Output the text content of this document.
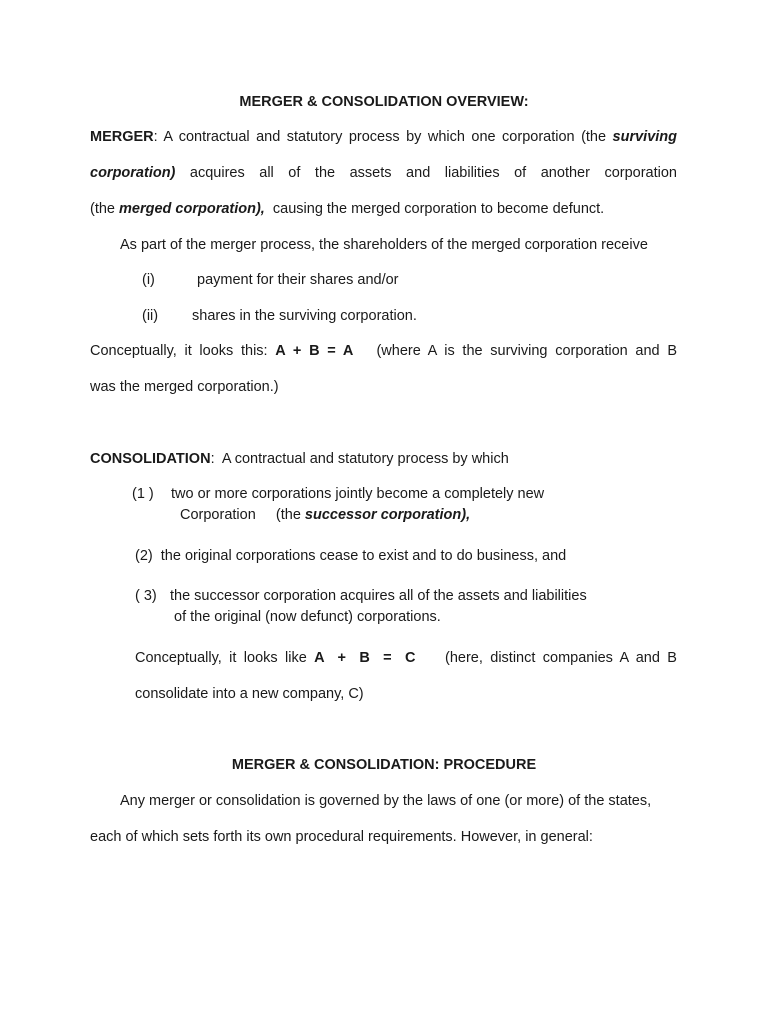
MERGER & CONSOLIDATION OVERVIEW:
MERGER: A contractual and statutory process by which one corporation (the surviving
corporation) acquires all of the assets and liabilities of another corporation
(the merged corporation),  causing the merged corporation to become defunct.
As part of the merger process, the shareholders of the merged corporation receive
(i)	payment for their shares and/or
(ii) shares in the surviving corporation.
Conceptually, it looks this: A + B = A   (where A is the surviving corporation and B
was the merged corporation.)
CONSOLIDATION:  A contractual and statutory process by which
(1 ) two or more corporations jointly become a completely new
Corporation     (the successor corporation),
(2)  the original corporations cease to exist and to do business, and
( 3) the successor corporation acquires all of the assets and liabilities
of the original (now defunct) corporations.
Conceptually, it looks like A + B = C    (here, distinct companies A and B
consolidate into a new company, C)
MERGER & CONSOLIDATION: PROCEDURE
Any merger or consolidation is governed by the laws of one (or more) of the states,
each of which sets forth its own procedural requirements. However, in general:
